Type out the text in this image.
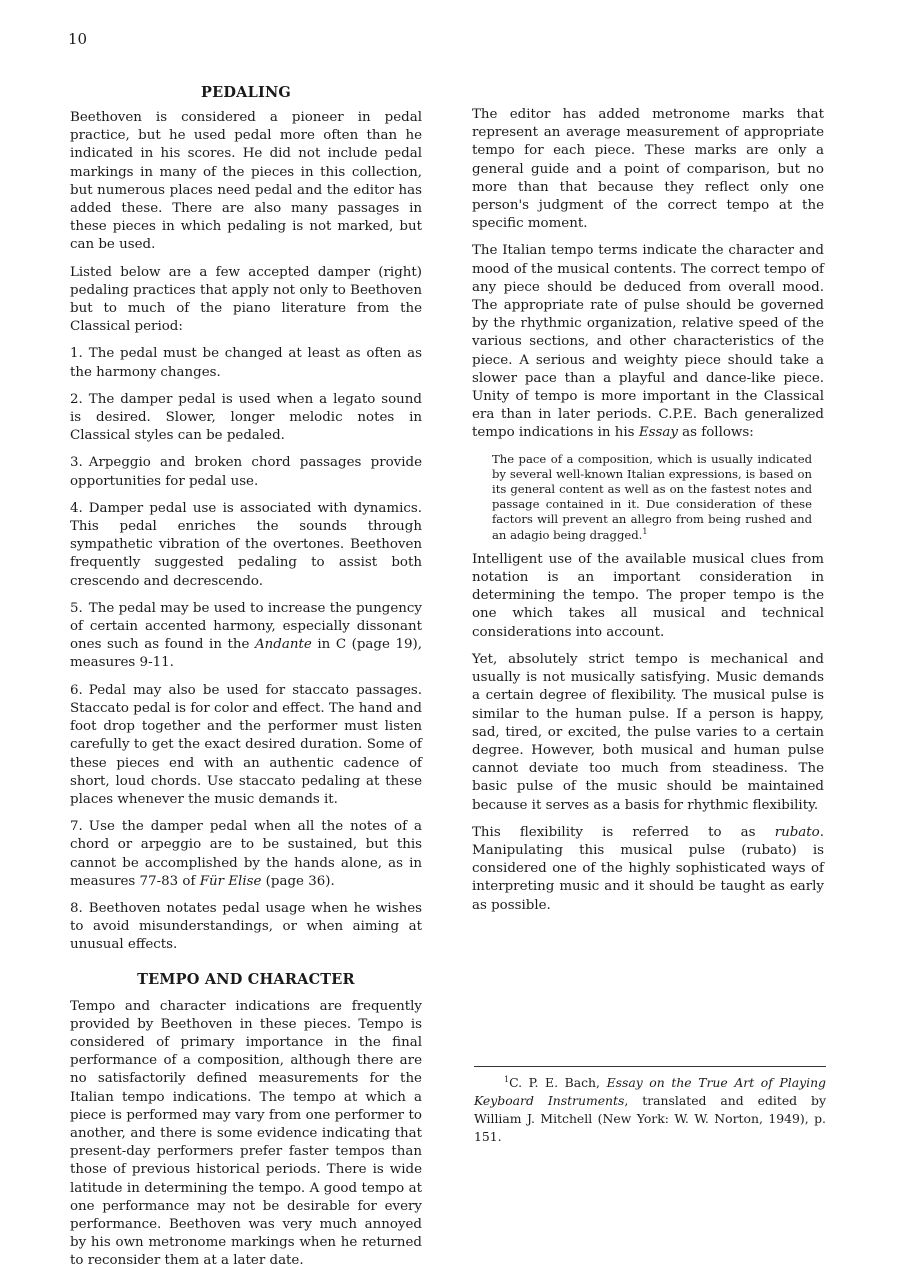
10
PEDALING

Beethoven is considered a pioneer in pedal practice, but he used pedal more often than he indicated in his scores. He did not include pedal markings in many of the pieces in this collection, but numerous places need pedal and the editor has added these. There are also many passages in these pieces in which pedaling is not marked, but can be used.

Listed below are a few accepted damper (right) pedaling practices that apply not only to Beethoven but to much of the piano literature from the Classical period:

1. The pedal must be changed at least as often as the harmony changes.

2. The damper pedal is used when a legato sound is desired. Slower, longer melodic notes in Classical styles can be pedaled.

3. Arpeggio and broken chord passages provide opportunities for pedal use.

4. Damper pedal use is associated with dynamics. This pedal enriches the sounds through sympathetic vibration of the overtones. Beethoven frequently suggested pedaling to assist both crescendo and decrescendo.

5. The pedal may be used to increase the pungency of certain accented harmony, especially dissonant ones such as found in the Andante in C (page 19), measures 9-11.

6. Pedal may also be used for staccato passages. Staccato pedal is for color and effect. The hand and foot drop together and the performer must listen carefully to get the exact desired duration. Some of these pieces end with an authentic cadence of short, loud chords. Use staccato pedaling at these places whenever the music demands it.

7. Use the damper pedal when all the notes of a chord or arpeggio are to be sustained, but this cannot be accomplished by the hands alone, as in measures 77-83 of Für Elise (page 36).

8. Beethoven notates pedal usage when he wishes to avoid misunderstandings, or when aiming at unusual effects.

TEMPO AND CHARACTER

Tempo and character indications are frequently provided by Beethoven in these pieces. Tempo is considered of primary importance in the final performance of a composition, although there are no satisfactorily defined measurements for the Italian tempo indications. The tempo at which a piece is performed may vary from one performer to another, and there is some evidence indicating that present-day performers prefer faster tempos than those of previous historical periods. There is wide latitude in determining the tempo. A good tempo at one performance may not be desirable for every performance. Beethoven was very much annoyed by his own metronome markings when he returned to reconsider them at a later date.

The editor has added metronome marks that represent an average measurement of appropriate tempo for each piece. These marks are only a general guide and a point of comparison, but no more than that because they reflect only one person's judgment of the correct tempo at the specific moment.

The Italian tempo terms indicate the character and mood of the musical contents. The correct tempo of any piece should be deduced from overall mood. The appropriate rate of pulse should be governed by the rhythmic organization, relative speed of the various sections, and other characteristics of the piece. A serious and weighty piece should take a slower pace than a playful and dance-like piece. Unity of tempo is more important in the Classical era than in later periods. C.P.E. Bach generalized tempo indications in his Essay as follows:

The pace of a composition, which is usually indicated by several well-known Italian expressions, is based on its general content as well as on the fastest notes and passage contained in it. Due consideration of these factors will prevent an allegro from being rushed and an adagio being dragged.$^1$

Intelligent use of the available musical clues from notation is an important consideration in determining the tempo. The proper tempo is the one which takes all musical and technical considerations into account.

Yet, absolutely strict tempo is mechanical and usually is not musically satisfying. Music demands a certain degree of flexibility. The musical pulse is similar to the human pulse. If a person is happy, sad, tired, or excited, the pulse varies to a certain degree. However, both musical and human pulse cannot deviate too much from steadiness. The basic pulse of the music should be maintained because it serves as a basis for rhythmic flexibility.

This flexibility is referred to as rubato. Manipulating this musical pulse (rubato) is considered one of the highly sophisticated ways of interpreting music and it should be taught as early as possible.

$^1$C. P. E. Bach, Essay on the True Art of Playing Keyboard Instruments, translated and edited by William J. Mitchell (New York: W. W. Norton, 1949), p. 151.
